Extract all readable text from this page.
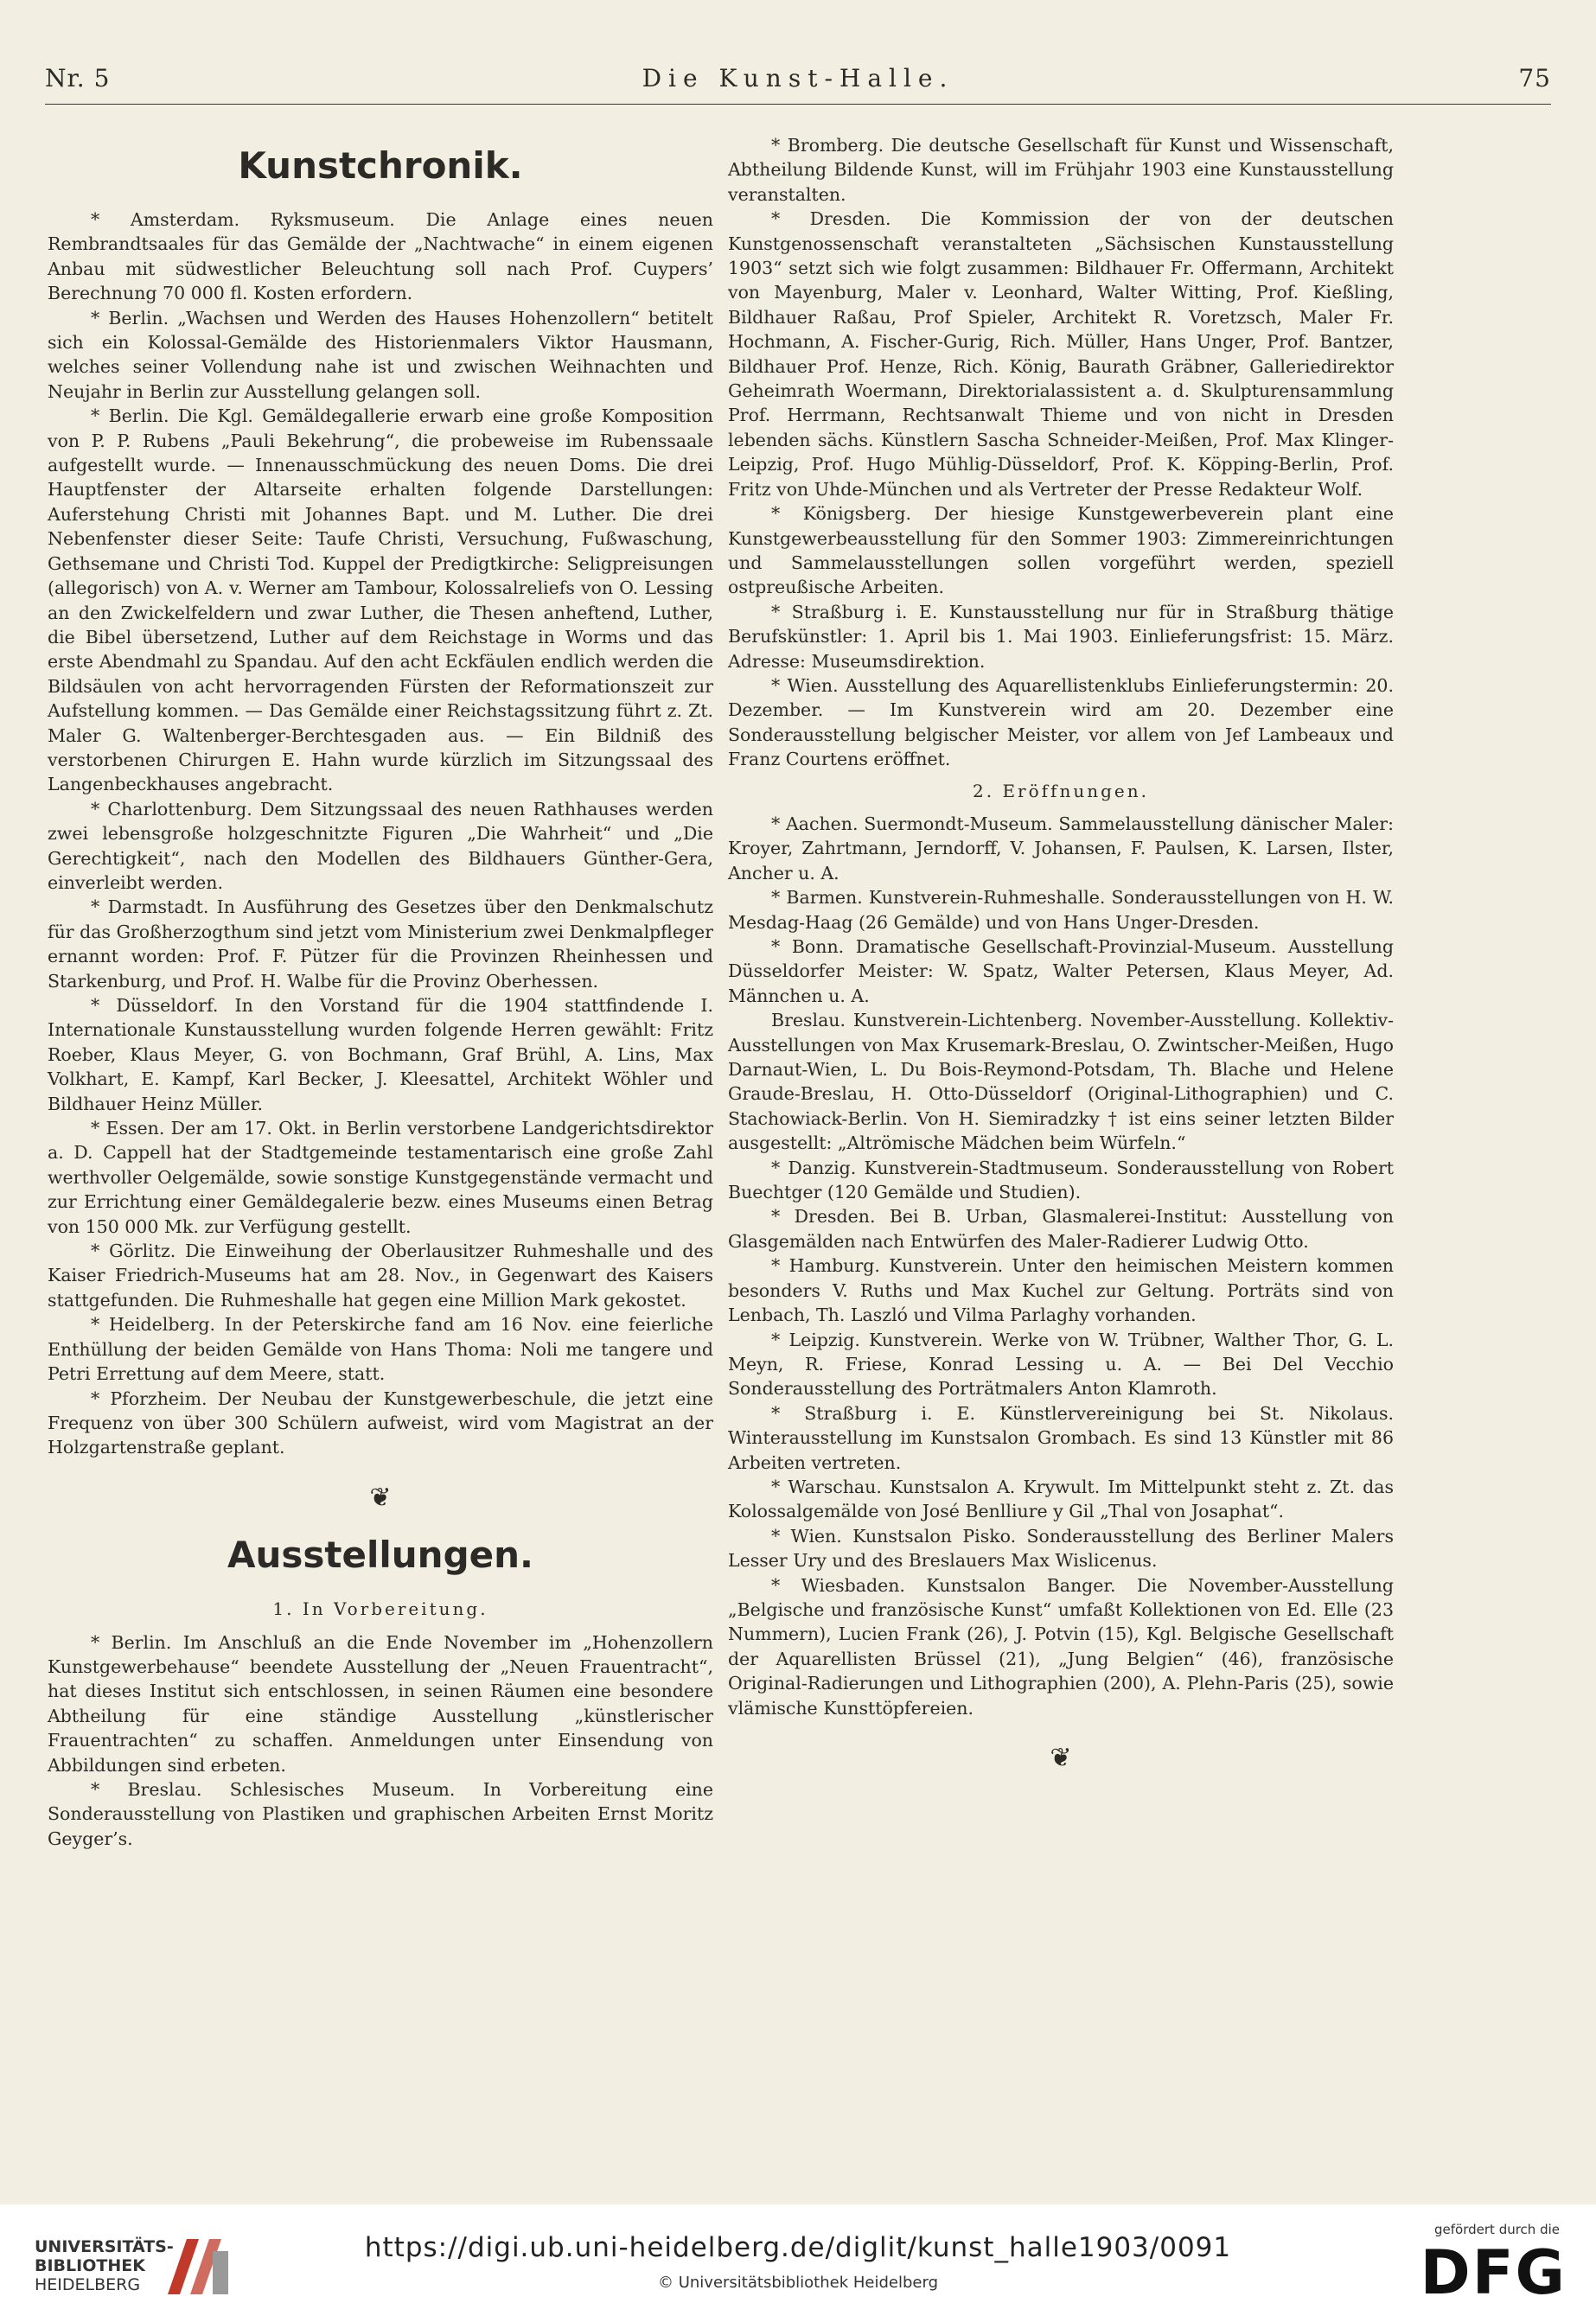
Nr. 5	Die Kunst-Halle.	75
Kunstchronik.

* Amsterdam. Ryksmuseum. Die Anlage eines neuen Rembrandtsaales für das Gemälde der „Nachtwache“ in einem eigenen Anbau mit südwestlicher Beleuchtung soll nach Prof. Cuypers’ Berechnung 70 000 fl. Kosten erfordern.

* Berlin. „Wachsen und Werden des Hauses Hohenzollern“ betitelt sich ein Kolossal-Gemälde des Historienmalers Viktor Hausmann, welches seiner Vollendung nahe ist und zwischen Weihnachten und Neujahr in Berlin zur Ausstellung gelangen soll.

* Berlin. Die Kgl. Gemäldegallerie erwarb eine große Komposition von P. P. Rubens „Pauli Bekehrung“, die probeweise im Rubenssaale aufgestellt wurde. — Innenausschmückung des neuen Doms. Die drei Hauptfenster der Altarseite erhalten folgende Darstellungen: Auferstehung Christi mit Johannes Bapt. und M. Luther. Die drei Nebenfenster dieser Seite: Taufe Christi, Versuchung, Fußwaschung, Gethsemane und Christi Tod. Kuppel der Predigtkirche: Seligpreisungen (allegorisch) von A. v. Werner am Tambour, Kolossalreliefs von O. Lessing an den Zwickelfeldern und zwar Luther, die Thesen anheftend, Luther, die Bibel übersetzend, Luther auf dem Reichstage in Worms und das erste Abendmahl zu Spandau. Auf den acht Eckfäulen endlich werden die Bildsäulen von acht hervorragenden Fürsten der Reformationszeit zur Aufstellung kommen. — Das Gemälde einer Reichstagssitzung führt z. Zt. Maler G. Waltenberger-Berchtesgaden aus. — Ein Bildniß des verstorbenen Chirurgen E. Hahn wurde kürzlich im Sitzungssaal des Langenbeckhauses angebracht.

* Charlottenburg. Dem Sitzungssaal des neuen Rathhauses werden zwei lebensgroße holzgeschnitzte Figuren „Die Wahrheit“ und „Die Gerechtigkeit“, nach den Modellen des Bildhauers Günther-Gera, einverleibt werden.

* Darmstadt. In Ausführung des Gesetzes über den Denkmalschutz für das Großherzogthum sind jetzt vom Ministerium zwei Denkmalpfleger ernannt worden: Prof. F. Pützer für die Provinzen Rheinhessen und Starkenburg, und Prof. H. Walbe für die Provinz Oberhessen.

* Düsseldorf. In den Vorstand für die 1904 stattfindende I. Internationale Kunstausstellung wurden folgende Herren gewählt: Fritz Roeber, Klaus Meyer, G. von Bochmann, Graf Brühl, A. Lins, Max Volkhart, E. Kampf, Karl Becker, J. Kleesattel, Architekt Wöhler und Bildhauer Heinz Müller.

* Essen. Der am 17. Okt. in Berlin verstorbene Landgerichtsdirektor a. D. Cappell hat der Stadtgemeinde testamentarisch eine große Zahl werthvoller Oelgemälde, sowie sonstige Kunstgegenstände vermacht und zur Errichtung einer Gemäldegalerie bezw. eines Museums einen Betrag von 150 000 Mk. zur Verfügung gestellt.

* Görlitz. Die Einweihung der Oberlausitzer Ruhmeshalle und des Kaiser Friedrich-Museums hat am 28. Nov., in Gegenwart des Kaisers stattgefunden. Die Ruhmeshalle hat gegen eine Million Mark gekostet.

* Heidelberg. In der Peterskirche fand am 16 Nov. eine feierliche Enthüllung der beiden Gemälde von Hans Thoma: Noli me tangere und Petri Errettung auf dem Meere, statt.

* Pforzheim. Der Neubau der Kunstgewerbeschule, die jetzt eine Frequenz von über 300 Schülern aufweist, wird vom Magistrat an der Holzgartenstraße geplant.

❦
Ausstellungen.
1. In Vorbereitung.

* Berlin. Im Anschluß an die Ende November im „Hohenzollern Kunstgewerbehause“ beendete Ausstellung der „Neuen Frauentracht“, hat dieses Institut sich entschlossen, in seinen Räumen eine besondere Abtheilung für eine ständige Ausstellung „künstlerischer Frauentrachten“ zu schaffen. Anmeldungen unter Einsendung von Abbildungen sind erbeten.

* Breslau. Schlesisches Museum. In Vorbereitung eine Sonderausstellung von Plastiken und graphischen Arbeiten Ernst Moritz Geyger’s.

* Bromberg. Die deutsche Gesellschaft für Kunst und Wissenschaft, Abtheilung Bildende Kunst, will im Frühjahr 1903 eine Kunstausstellung veranstalten.

* Dresden. Die Kommission der von der deutschen Kunstgenossenschaft veranstalteten „Sächsischen Kunstausstellung 1903“ setzt sich wie folgt zusammen: Bildhauer Fr. Offermann, Architekt von Mayenburg, Maler v. Leonhard, Walter Witting, Prof. Kießling, Bildhauer Raßau, Prof Spieler, Architekt R. Voretzsch, Maler Fr. Hochmann, A. Fischer-Gurig, Rich. Müller, Hans Unger, Prof. Bantzer, Bildhauer Prof. Henze, Rich. König, Baurath Gräbner, Galleriedirektor Geheimrath Woermann, Direktorialassistent a. d. Skulpturensammlung Prof. Herrmann, Rechtsanwalt Thieme und von nicht in Dresden lebenden sächs. Künstlern Sascha Schneider-Meißen, Prof. Max Klinger-Leipzig, Prof. Hugo Mühlig-Düsseldorf, Prof. K. Köpping-Berlin, Prof. Fritz von Uhde-München und als Vertreter der Presse Redakteur Wolf.

* Königsberg. Der hiesige Kunstgewerbeverein plant eine Kunstgewerbeausstellung für den Sommer 1903: Zimmereinrichtungen und Sammelausstellungen sollen vorgeführt werden, speziell ostpreußische Arbeiten.

* Straßburg i. E. Kunstausstellung nur für in Straßburg thätige Berufskünstler: 1. April bis 1. Mai 1903. Einlieferungsfrist: 15. März. Adresse: Museumsdirektion.

* Wien. Ausstellung des Aquarellistenklubs Einlieferungstermin: 20. Dezember. — Im Kunstverein wird am 20. Dezember eine Sonderausstellung belgischer Meister, vor allem von Jef Lambeaux und Franz Courtens eröffnet.

2. Eröffnungen.

* Aachen. Suermondt-Museum. Sammelausstellung dänischer Maler: Kroyer, Zahrtmann, Jerndorff, V. Johansen, F. Paulsen, K. Larsen, Ilster, Ancher u. A.

* Barmen. Kunstverein-Ruhmeshalle. Sonderausstellungen von H. W. Mesdag-Haag (26 Gemälde) und von Hans Unger-Dresden.

* Bonn. Dramatische Gesellschaft-Provinzial-Museum. Ausstellung Düsseldorfer Meister: W. Spatz, Walter Petersen, Klaus Meyer, Ad. Männchen u. A.

Breslau. Kunstverein-Lichtenberg. November-Ausstellung. Kollektiv-Ausstellungen von Max Krusemark-Breslau, O. Zwintscher-Meißen, Hugo Darnaut-Wien, L. Du Bois-Reymond-Potsdam, Th. Blache und Helene Graude-Breslau, H. Otto-Düsseldorf (Original-Lithographien) und C. Stachowiack-Berlin. Von H. Siemiradzky † ist eins seiner letzten Bilder ausgestellt: „Altrömische Mädchen beim Würfeln.“

* Danzig. Kunstverein-Stadtmuseum. Sonderausstellung von Robert Buechtger (120 Gemälde und Studien).

* Dresden. Bei B. Urban, Glasmalerei-Institut: Ausstellung von Glasgemälden nach Entwürfen des Maler-Radierer Ludwig Otto.

* Hamburg. Kunstverein. Unter den heimischen Meistern kommen besonders V. Ruths und Max Kuchel zur Geltung. Porträts sind von Lenbach, Th. Laszló und Vilma Parlaghy vorhanden.

* Leipzig. Kunstverein. Werke von W. Trübner, Walther Thor, G. L. Meyn, R. Friese, Konrad Lessing u. A. — Bei Del Vecchio Sonderausstellung des Porträtmalers Anton Klamroth.

* Straßburg i. E. Künstlervereinigung bei St. Nikolaus. Winterausstellung im Kunstsalon Grombach. Es sind 13 Künstler mit 86 Arbeiten vertreten.

* Warschau. Kunstsalon A. Krywult. Im Mittelpunkt steht z. Zt. das Kolossalgemälde von José Benlliure y Gil „Thal von Josaphat“.

* Wien. Kunstsalon Pisko. Sonderausstellung des Berliner Malers Lesser Ury und des Breslauers Max Wislicenus.

* Wiesbaden. Kunstsalon Banger. Die November-Ausstellung „Belgische und französische Kunst“ umfaßt Kollektionen von Ed. Elle (23 Nummern), Lucien Frank (26), J. Potvin (15), Kgl. Belgische Gesellschaft der Aquarellisten Brüssel (21), „Jung Belgien“ (46), französische Original-Radierungen und Lithographien (200), A. Plehn-Paris (25), sowie vlämische Kunsttöpfereien.

❦
UNIVERSITÄTS-
BIBLIOTHEK
HEIDELBERG
https://digi.ub.uni-heidelberg.de/diglit/kunst_halle1903/0091
© Universitätsbibliothek Heidelberg
gefördert durch die
DFG
